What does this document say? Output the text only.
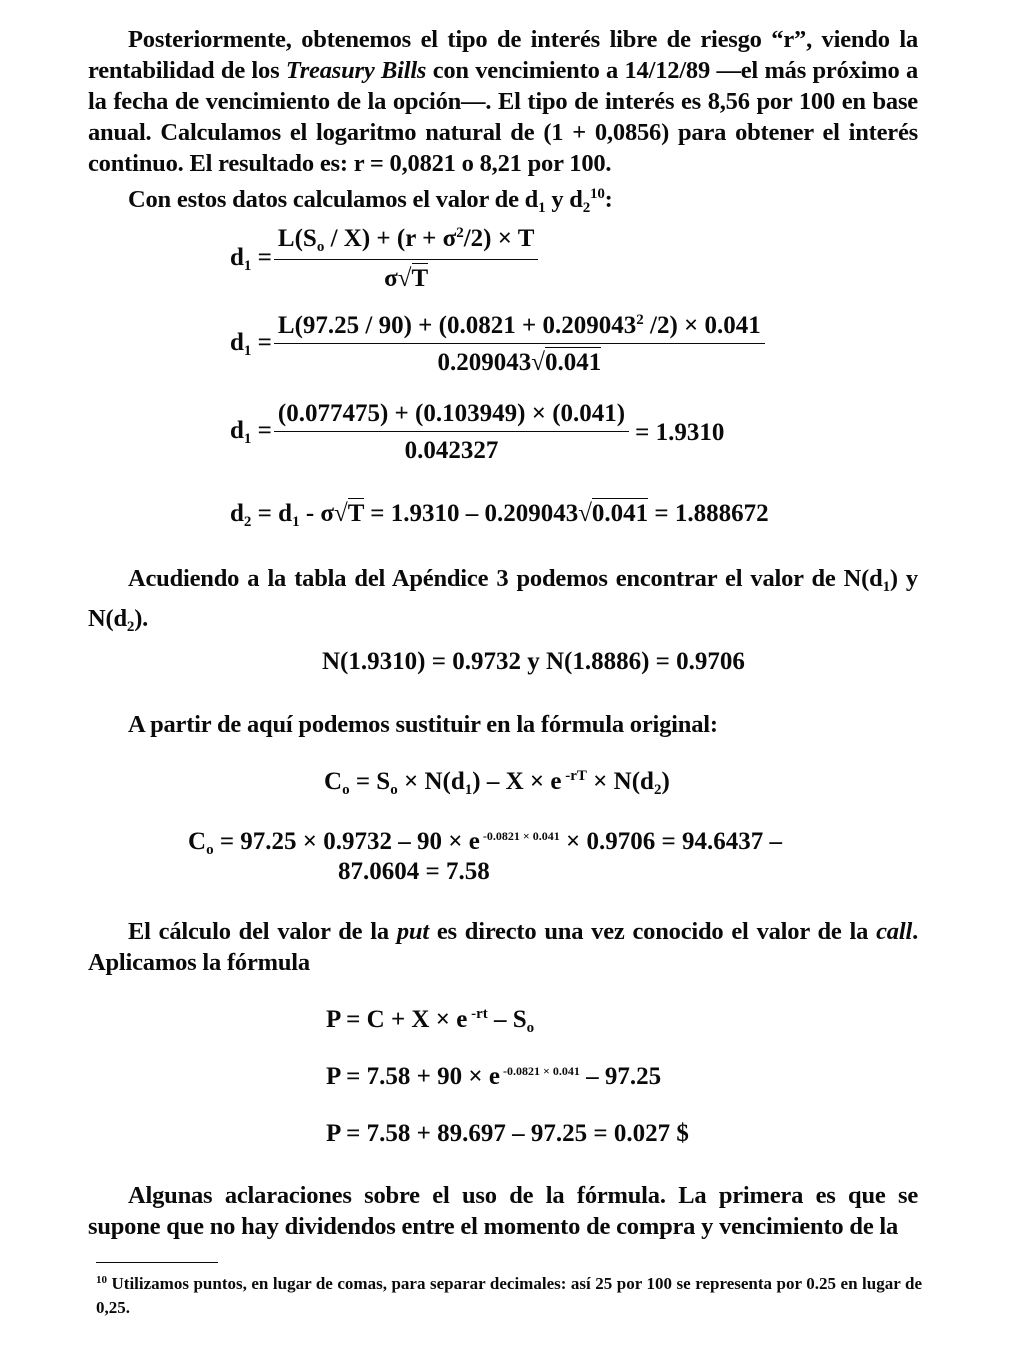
Posteriormente, obtenemos el tipo de interés libre de riesgo “r”, viendo la rentabilidad de los Treasury Bills con vencimiento a 14/12/89 —el más próximo a la fecha de vencimiento de la opción—. El tipo de interés es 8,56 por 100 en base anual. Calculamos el logaritmo natural de (1 + 0,0856) para obtener el interés continuo. El resultado es: r = 0,0821 o 8,21 por 100.
Con estos datos calculamos el valor de $d_1$ y $d_2^{10}$:
$d_1 = \frac{L(S_o / X) + (r + \sigma^2/2) \times T}{\sigma√T}$
$d_1 = \frac{L(97.25 / 90) + (0.0821 + 0.209043^2 /2) \times 0.041}{0.209043√0.041}$
$d_1 = \frac{(0.077475) + (0.103949) \times (0.041)}{0.042327} = 1.9310$
$d_2 = d_1 - \sigma√T = 1.9310 - 0.209043√0.041 = 1.888672$
Acudiendo a la tabla del Apéndice 3 podemos encontrar el valor de $N(d_1)$ y $N(d_2)$.
N(1.9310) = 0.9732 y N(1.8886) = 0.9706
A partir de aquí podemos sustituir en la fórmula original:
$C_o = S_o \times N(d_1) - X \times e$ $^{-rT} \times N(d_2)$
$C_o = 97.25 \times 0.9732 - 90 \times e$ $^{-0.0821 \times 0.041}$ × 0.9706 = 94.6437 –
87.0604 = 7.58
El cálculo del valor de la put es directo una vez conocido el valor de la call. Aplicamos la fórmula
P = C + X × e $^{-rt} - S_o$
P = 7.58 + 90 × e $^{-0.0821 \times 0.041}$ – 97.25
P = 7.58 + 89.697 – 97.25 = 0.027 $
Algunas aclaraciones sobre el uso de la fórmula. La primera es que se supone que no hay dividendos entre el momento de compra y vencimiento de la
$^{10}$ Utilizamos puntos, en lugar de comas, para separar decimales: así 25 por 100 se representa por 0.25 en lugar de 0,25.
